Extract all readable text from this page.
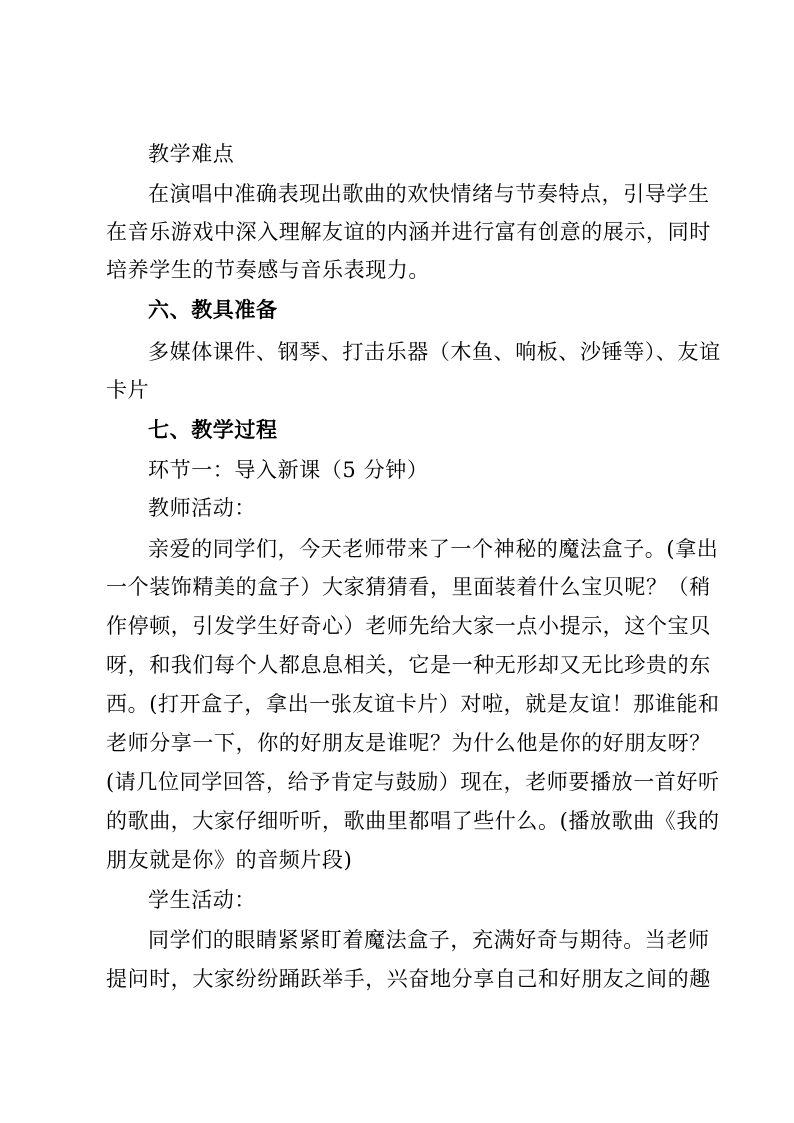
教学难点
在演唱中准确表现出歌曲的欢快情绪与节奏特点，引导学生
在音乐游戏中深入理解友谊的内涵并进行富有创意的展示，同时
培养学生的节奏感与音乐表现力。
六、教具准备
多媒体课件、钢琴、打击乐器（木鱼、响板、沙锤等）、友谊
卡片
七、教学过程
环节一：导入新课（5 分钟）
教师活动：
亲爱的同学们，今天老师带来了一个神秘的魔法盒子。(拿出
一个装饰精美的盒子）大家猜猜看，里面装着什么宝贝呢？（稍
作停顿，引发学生好奇心）老师先给大家一点小提示，这个宝贝
呀，和我们每个人都息息相关，它是一种无形却又无比珍贵的东
西。(打开盒子，拿出一张友谊卡片）对啦，就是友谊！那谁能和
老师分享一下，你的好朋友是谁呢？为什么他是你的好朋友呀？
(请几位同学回答，给予肯定与鼓励）现在，老师要播放一首好听
的歌曲，大家仔细听听，歌曲里都唱了些什么。(播放歌曲《我的
朋友就是你》的音频片段)
学生活动：
同学们的眼睛紧紧盯着魔法盒子，充满好奇与期待。当老师
提问时，大家纷纷踊跃举手，兴奋地分享自己和好朋友之间的趣
